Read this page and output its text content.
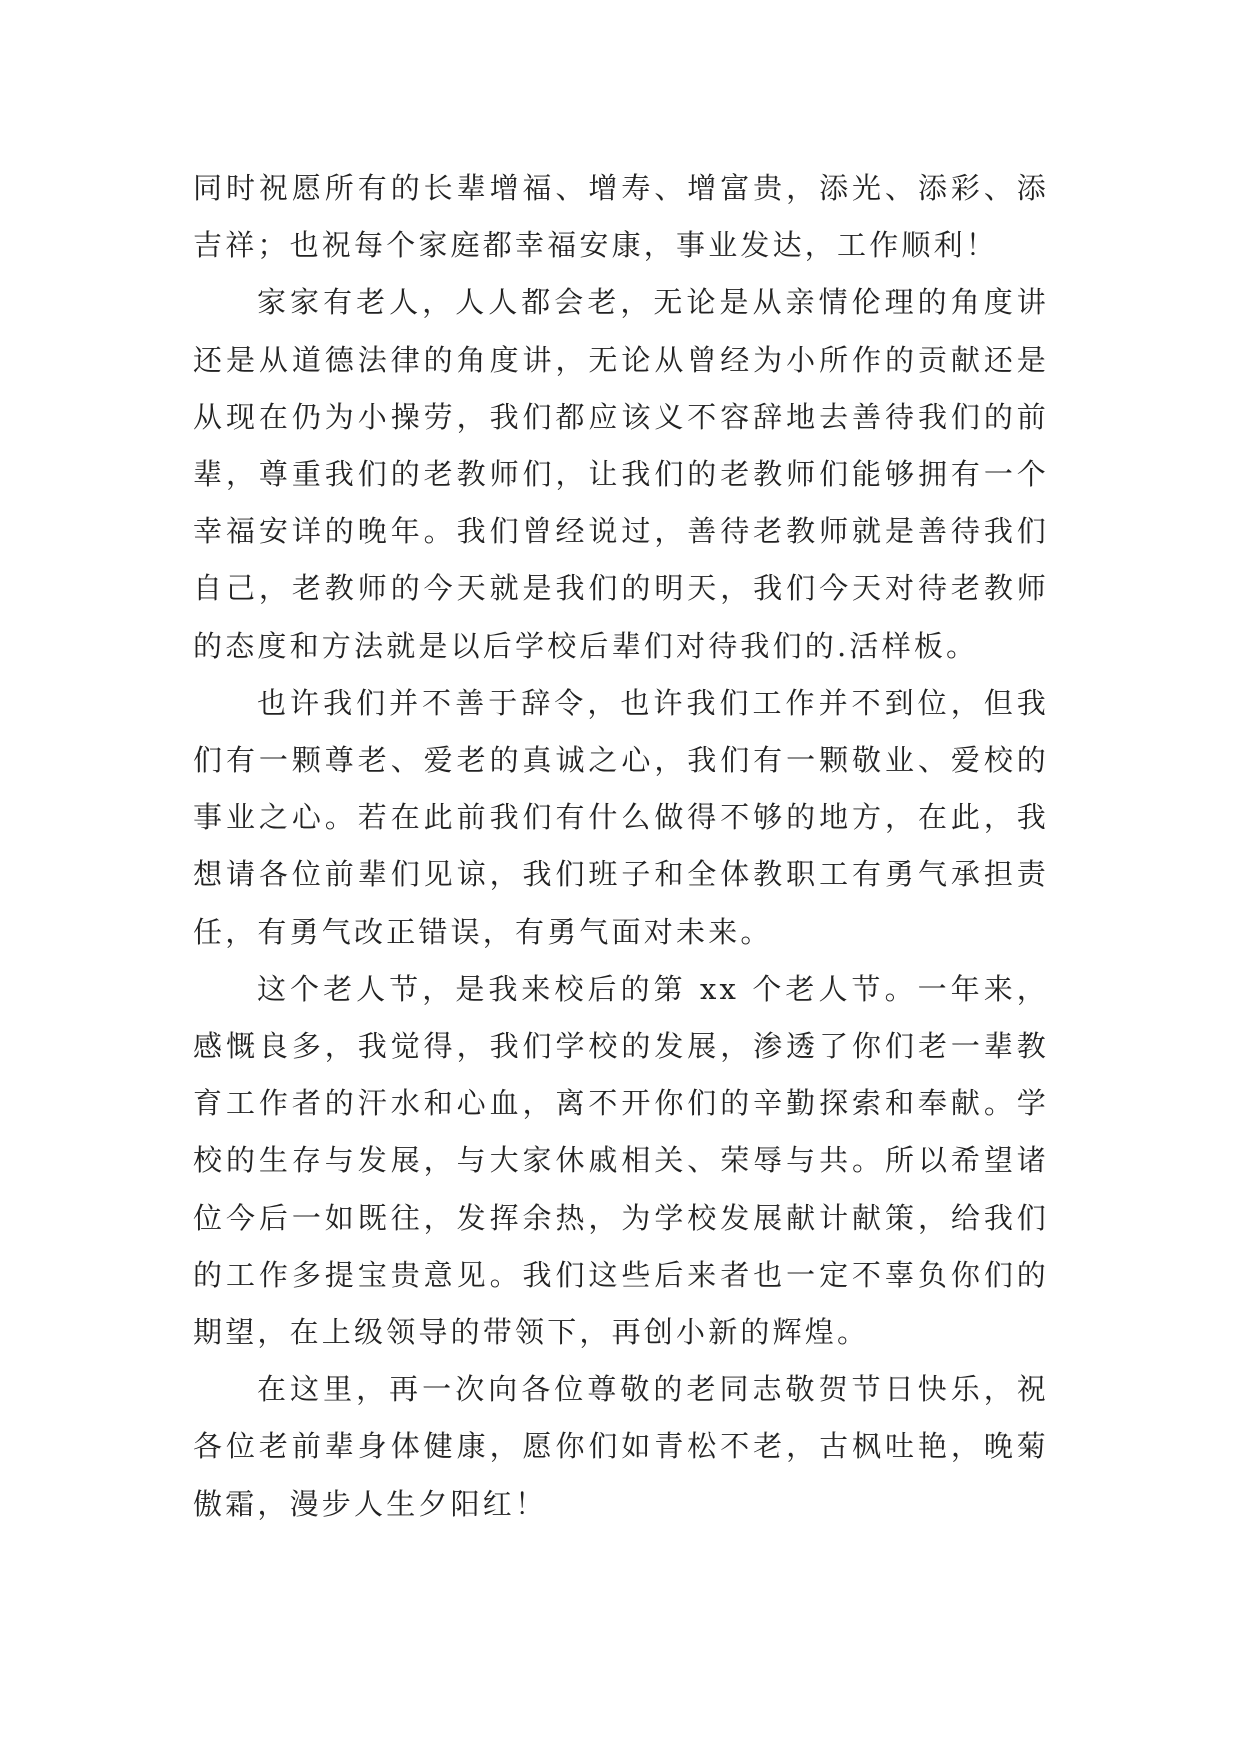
同时祝愿所有的长辈增福、增寿、增富贵，添光、添彩、添吉祥；也祝每个家庭都幸福安康，事业发达，工作顺利！

家家有老人，人人都会老，无论是从亲情伦理的角度讲还是从道德法律的角度讲，无论从曾经为小所作的贡献还是从现在仍为小操劳，我们都应该义不容辞地去善待我们的前辈，尊重我们的老教师们，让我们的老教师们能够拥有一个幸福安详的晚年。我们曾经说过，善待老教师就是善待我们自己，老教师的今天就是我们的明天，我们今天对待老教师的态度和方法就是以后学校后辈们对待我们的.活样板。

也许我们并不善于辞令，也许我们工作并不到位，但我们有一颗尊老、爱老的真诚之心，我们有一颗敬业、爱校的事业之心。若在此前我们有什么做得不够的地方，在此，我想请各位前辈们见谅，我们班子和全体教职工有勇气承担责任，有勇气改正错误，有勇气面对未来。

这个老人节，是我来校后的第 xx 个老人节。一年来，感慨良多，我觉得，我们学校的发展，渗透了你们老一辈教育工作者的汗水和心血，离不开你们的辛勤探索和奉献。学校的生存与发展，与大家休戚相关、荣辱与共。所以希望诸位今后一如既往，发挥余热，为学校发展献计献策，给我们的工作多提宝贵意见。我们这些后来者也一定不辜负你们的期望，在上级领导的带领下，再创小新的辉煌。

在这里，再一次向各位尊敬的老同志敬贺节日快乐，祝各位老前辈身体健康，愿你们如青松不老，古枫吐艳，晚菊傲霜，漫步人生夕阳红！
